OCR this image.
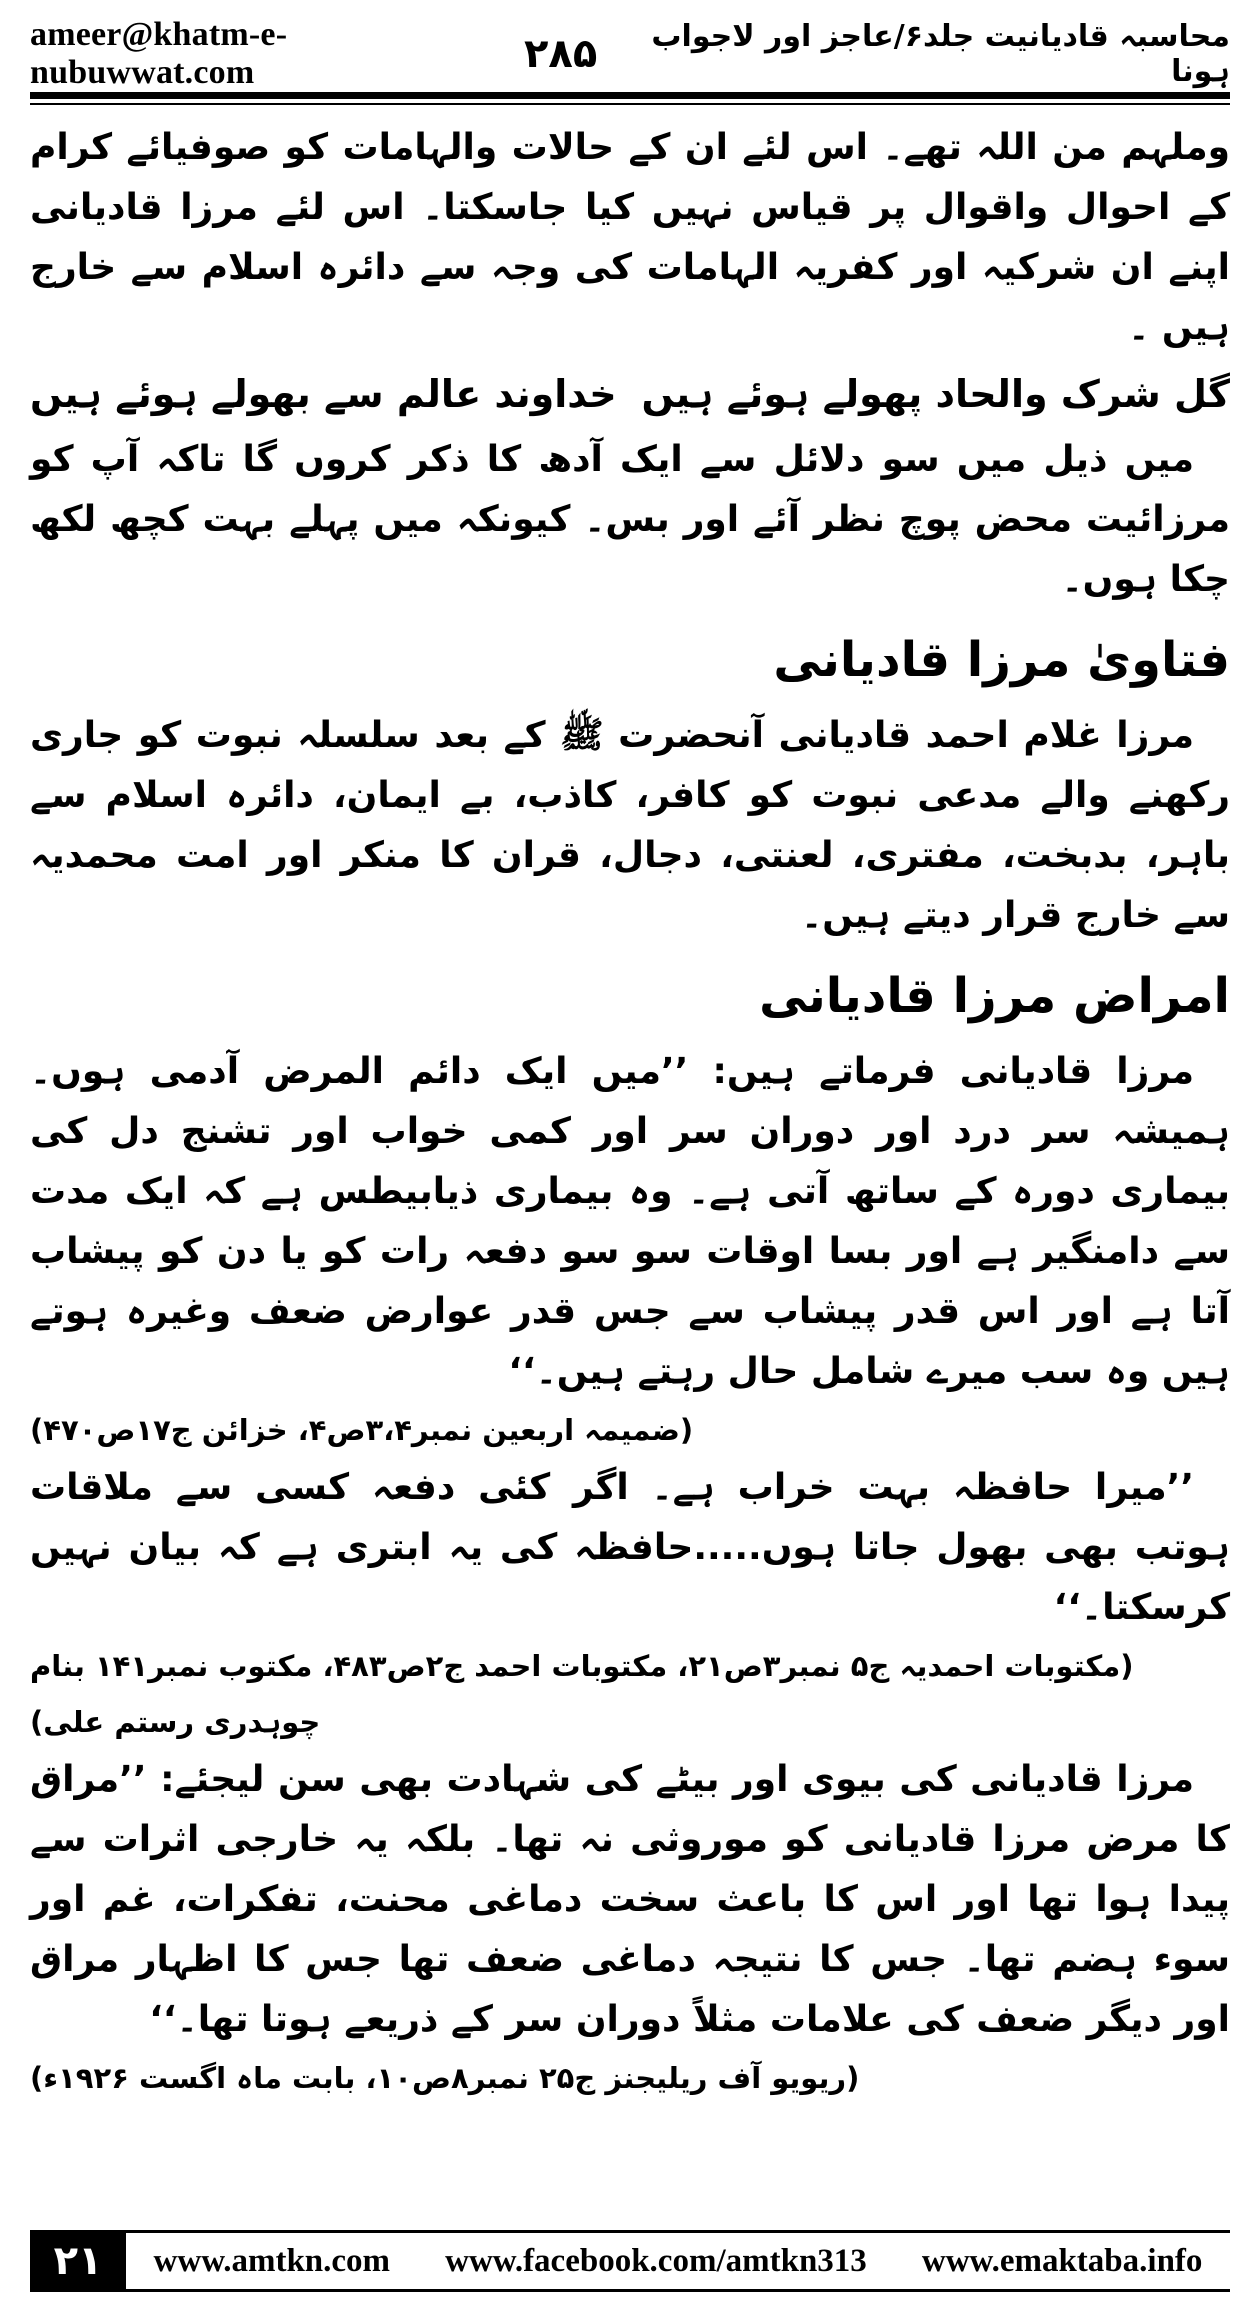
ameer@khatm-e-nubuwwat.com	۲۸۵	محاسبہ قادیانیت جلد۶/عاجز اور لاجواب ہونا

وملہم من اللہ تھے۔ اس لئے ان کے حالات والہامات کو صوفیائے کرام کے احوال واقوال پر قیاس نہیں کیا جاسکتا۔ اس لئے مرزا قادیانی اپنے ان شرکیہ اور کفریہ الہامات کی وجہ سے دائرہ اسلام سے خارج ہیں ۔

گل شرک والحاد پھولے ہوئے ہیں
خداوند عالم سے بھولے ہوئے ہیں

میں ذیل میں سو دلائل سے ایک آدھ کا ذکر کروں گا تاکہ آپ کو مرزائیت محض پوچ نظر آئے اور بس۔ کیونکہ میں پہلے بہت کچھ لکھ چکا ہوں۔

فتاویٰ مرزا قادیانی

مرزا غلام احمد قادیانی آنحضرت ﷺ کے بعد سلسلہ نبوت کو جاری رکھنے والے مدعی نبوت کو کافر، کاذب، بے ایمان، دائرہ اسلام سے باہر، بدبخت، مفتری، لعنتی، دجال، قران کا منکر اور امت محمدیہ سے خارج قرار دیتے ہیں۔

امراض مرزا قادیانی

مرزا قادیانی فرماتے ہیں: ’’میں ایک دائم المرض آدمی ہوں۔ ہمیشہ سر درد اور دوران سر اور کمی خواب اور تشنج دل کی بیماری دورہ کے ساتھ آتی ہے۔ وہ بیماری ذیابیطس ہے کہ ایک مدت سے دامنگیر ہے اور بسا اوقات سو سو دفعہ رات کو یا دن کو پیشاب آتا ہے اور اس قدر پیشاب سے جس قدر عوارض ضعف وغیرہ ہوتے ہیں وہ سب میرے شامل حال رہتے ہیں۔‘‘

(ضمیمہ اربعین نمبر۳،۴ص۴، خزائن ج۱۷ص۴۷۰)

’’میرا حافظہ بہت خراب ہے۔ اگر کئی دفعہ کسی سے ملاقات ہوتب بھی بھول جاتا ہوں.....حافظہ کی یہ ابتری ہے کہ بیان نہیں کرسکتا۔‘‘

(مکتوبات احمدیہ ج۵ نمبر۳ص۲۱، مکتوبات احمد ج۲ص۴۸۳، مکتوب نمبر۱۴۱ بنام چوہدری رستم علی)

مرزا قادیانی کی بیوی اور بیٹے کی شہادت بھی سن لیجئے: ’’مراق کا مرض مرزا قادیانی کو موروثی نہ تھا۔ بلکہ یہ خارجی اثرات سے پیدا ہوا تھا اور اس کا باعث سخت دماغی محنت، تفکرات، غم اور سوء ہضم تھا۔ جس کا نتیجہ دماغی ضعف تھا جس کا اظہار مراق اور دیگر ضعف کی علامات مثلاً دوران سر کے ذریعے ہوتا تھا۔‘‘

(ریویو آف ریلیجنز ج۲۵ نمبر۸ص۱۰، بابت ماہ اگست ۱۹۲۶ء)

۲۱	www.amtkn.com www.facebook.com/amtkn313 www.emaktaba.info
